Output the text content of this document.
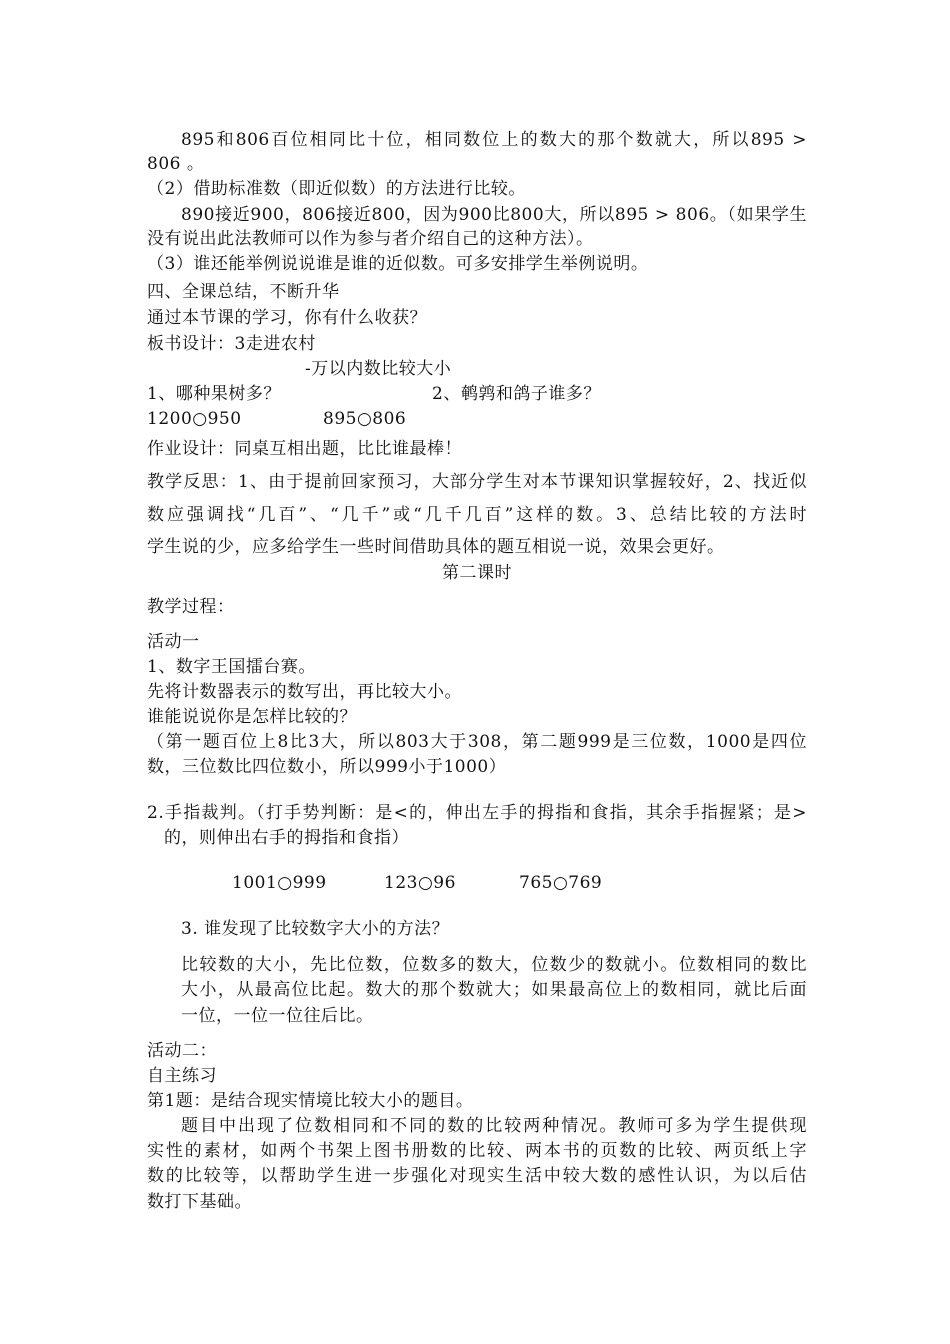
895和806百位相同比十位，相同数位上的数大的那个数就大，所以895 >
806 。
（2）借助标准数（即近似数）的方法进行比较。
890接近900，806接近800，因为900比800大，所以895 > 806。（如果学生
没有说出此法教师可以作为参与者介绍自己的这种方法）。
（3）谁还能举例说说谁是谁的近似数。可多安排学生举例说明。
四、全课总结，不断升华
通过本节课的学习，你有什么收获？
板书设计：3走进农村
-万以内数比较大小
1、哪种果树多？	2、鹌鹑和鸽子谁多？
1200○950	895○806
作业设计：同桌互相出题，比比谁最棒！
教学反思：1、由于提前回家预习，大部分学生对本节课知识掌握较好，2、找近似
数应强调找“几百”、“几千”或“几千几百”这样的数。3、总结比较的方法时
学生说的少，应多给学生一些时间借助具体的题互相说一说，效果会更好。
第二课时
教学过程：
活动一
1、数字王国擂台赛。
先将计数器表示的数写出，再比较大小。
谁能说说你是怎样比较的？
（第一题百位上8比3大，所以803大于308，第二题999是三位数，1000是四位
数，三位数比四位数小，所以999小于1000）
2.手指裁判。（打手势判断：是<的，伸出左手的拇指和食指，其余手指握紧；是>
的，则伸出右手的拇指和食指）
1001○999	123○96	765○769
3. 谁发现了比较数字大小的方法？
比较数的大小，先比位数，位数多的数大，位数少的数就小。位数相同的数比
大小，从最高位比起。数大的那个数就大；如果最高位上的数相同，就比后面
一位，一位一位往后比。
活动二：
自主练习
第1题：是结合现实情境比较大小的题目。
题目中出现了位数相同和不同的数的比较两种情况。教师可多为学生提供现
实性的素材，如两个书架上图书册数的比较、两本书的页数的比较、两页纸上字
数的比较等，以帮助学生进一步强化对现实生活中较大数的感性认识，为以后估
数打下基础。
